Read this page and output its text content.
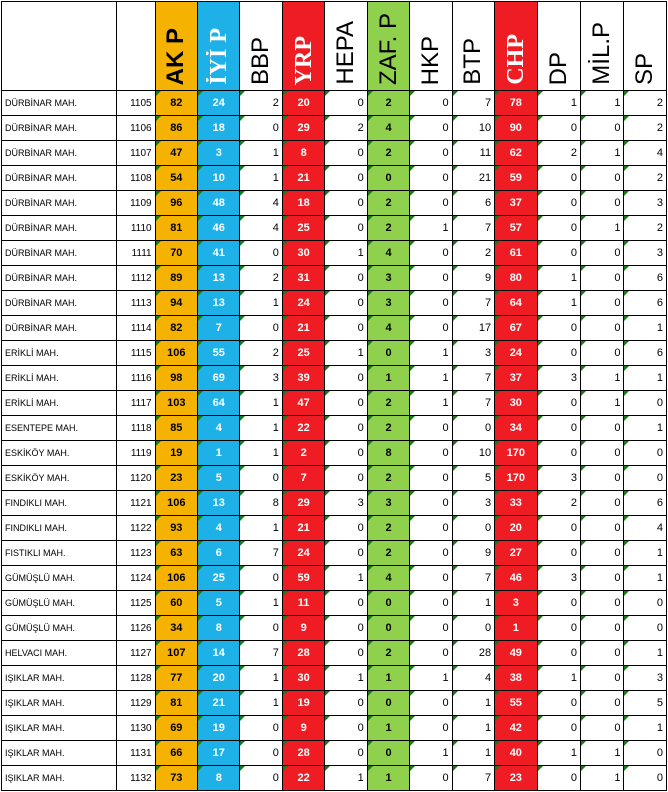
		AK P	İYİ P	BBP	YRP	HEPA	ZAF. P	HKP	BTP	CHP	DP	MİL.P	SP
DÜRBİNAR MAH.	1105	82	24	2	20	0	2	0	7	78	1	1	2
DÜRBİNAR MAH.	1106	86	18	0	29	2	4	0	10	90	0	0	2
DÜRBİNAR MAH.	1107	47	3	1	8	0	2	0	11	62	2	1	4
DÜRBİNAR MAH.	1108	54	10	1	21	0	0	0	21	59	0	0	2
DÜRBİNAR MAH.	1109	96	48	4	18	0	2	0	6	37	0	0	3
DÜRBİNAR MAH.	1110	81	46	4	25	0	2	1	7	57	0	1	2
DÜRBİNAR MAH.	1111	70	41	0	30	1	4	0	2	61	0	0	3
DÜRBİNAR MAH.	1112	89	13	2	31	0	3	0	9	80	1	0	6
DÜRBİNAR MAH.	1113	94	13	1	24	0	3	0	7	64	1	0	6
DÜRBİNAR MAH.	1114	82	7	0	21	0	4	0	17	67	0	0	1
ERİKLİ MAH.	1115	106	55	2	25	1	0	1	3	24	0	0	6
ERİKLİ MAH.	1116	98	69	3	39	0	1	1	7	37	3	1	1
ERİKLİ MAH.	1117	103	64	1	47	0	2	1	7	30	0	1	0
ESENTEPE MAH.	1118	85	4	1	22	0	2	0	0	34	0	0	1
ESKİKÖY MAH.	1119	19	1	1	2	0	8	0	10	170	0	0	0
ESKİKÖY MAH.	1120	23	5	0	7	0	2	0	5	170	3	0	0
FINDIKLI MAH.	1121	106	13	8	29	3	3	0	3	33	2	0	6
FINDIKLI MAH.	1122	93	4	1	21	0	2	0	0	20	0	0	4
FISTIKLI MAH.	1123	63	6	7	24	0	2	0	9	27	0	0	1
GÜMÜŞLÜ MAH.	1124	106	25	0	59	1	4	0	7	46	3	0	1
GÜMÜŞLÜ MAH.	1125	60	5	1	11	0	0	0	1	3	0	0	0
GÜMÜŞLÜ MAH.	1126	34	8	0	9	0	0	0	0	1	0	0	0
HELVACI MAH.	1127	107	14	7	28	0	2	0	28	49	0	0	1
IŞIKLAR MAH.	1128	77	20	1	30	1	1	1	4	38	1	0	3
IŞIKLAR MAH.	1129	81	21	1	19	0	0	0	1	55	0	0	5
IŞIKLAR MAH.	1130	69	19	0	9	0	1	0	1	42	0	0	1
IŞIKLAR MAH.	1131	66	17	0	28	0	0	1	1	40	1	1	0
IŞIKLAR MAH.	1132	73	8	0	22	1	1	0	7	23	0	1	0
